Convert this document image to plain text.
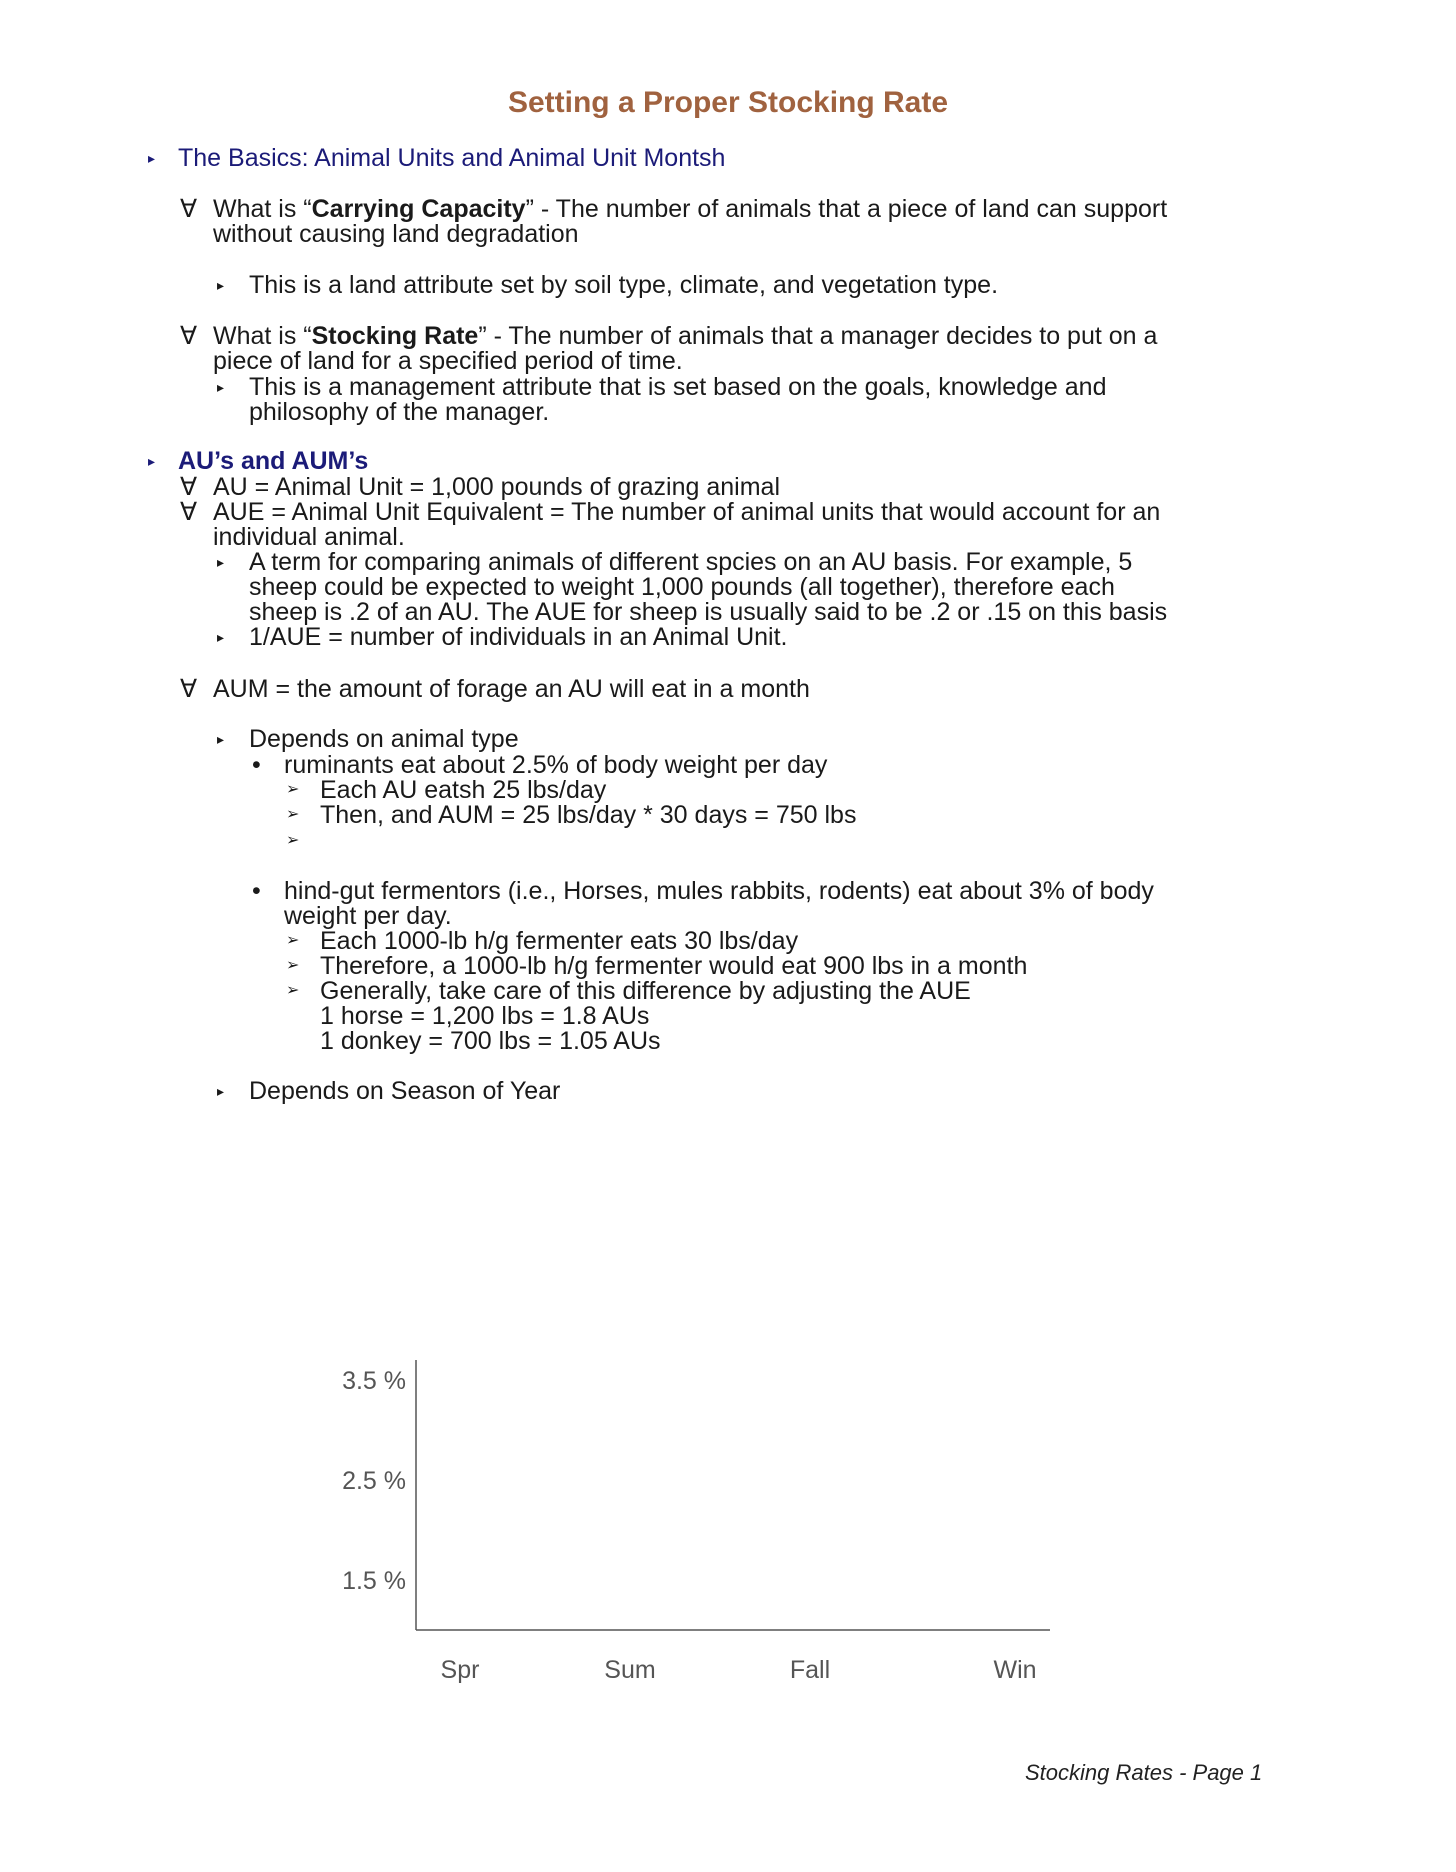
Setting a Proper Stocking Rate
▸ The Basics: Animal Units and Animal Unit Montsh
∀ What is “Carrying Capacity” - The number of animals that a piece of land can support
without causing land degradation
▸ This is a land attribute set by soil type, climate, and vegetation type.
∀ What is “Stocking Rate” - The number of animals that a manager decides to put on a
piece of land for a specified period of time.
▸ This is a management attribute that is set based on the goals, knowledge and
philosophy of the manager.
▸ AU’s and AUM’s
∀ AU = Animal Unit = 1,000 pounds of grazing animal
∀ AUE = Animal Unit Equivalent = The number of animal units that would account for an
individual animal.
▸ A term for comparing animals of different spcies on an AU basis. For example, 5
sheep could be expected to weight 1,000 pounds (all together), therefore each
sheep is .2 of an AU. The AUE for sheep is usually said to be .2 or .15 on this basis
▸ 1/AUE = number of individuals in an Animal Unit.
∀ AUM = the amount of forage an AU will eat in a month
▸ Depends on animal type
• ruminants eat about 2.5% of body weight per day
➢ Each AU eatsh 25 lbs/day
➢ Then, and AUM = 25 lbs/day * 30 days = 750 lbs
➢
• hind-gut fermentors (i.e., Horses, mules rabbits, rodents) eat about 3% of body
weight per day.
➢ Each 1000-lb h/g fermenter eats 30 lbs/day
➢ Therefore, a 1000-lb h/g fermenter would eat 900 lbs in a month
➢ Generally, take care of this difference by adjusting the AUE
1 horse = 1,200 lbs = 1.8 AUs
1 donkey = 700 lbs = 1.05 AUs
▸ Depends on Season of Year
3.5 %
2.5 %
1.5 %
Spr	Sum	Fall	Win
Stocking Rates - Page 1
